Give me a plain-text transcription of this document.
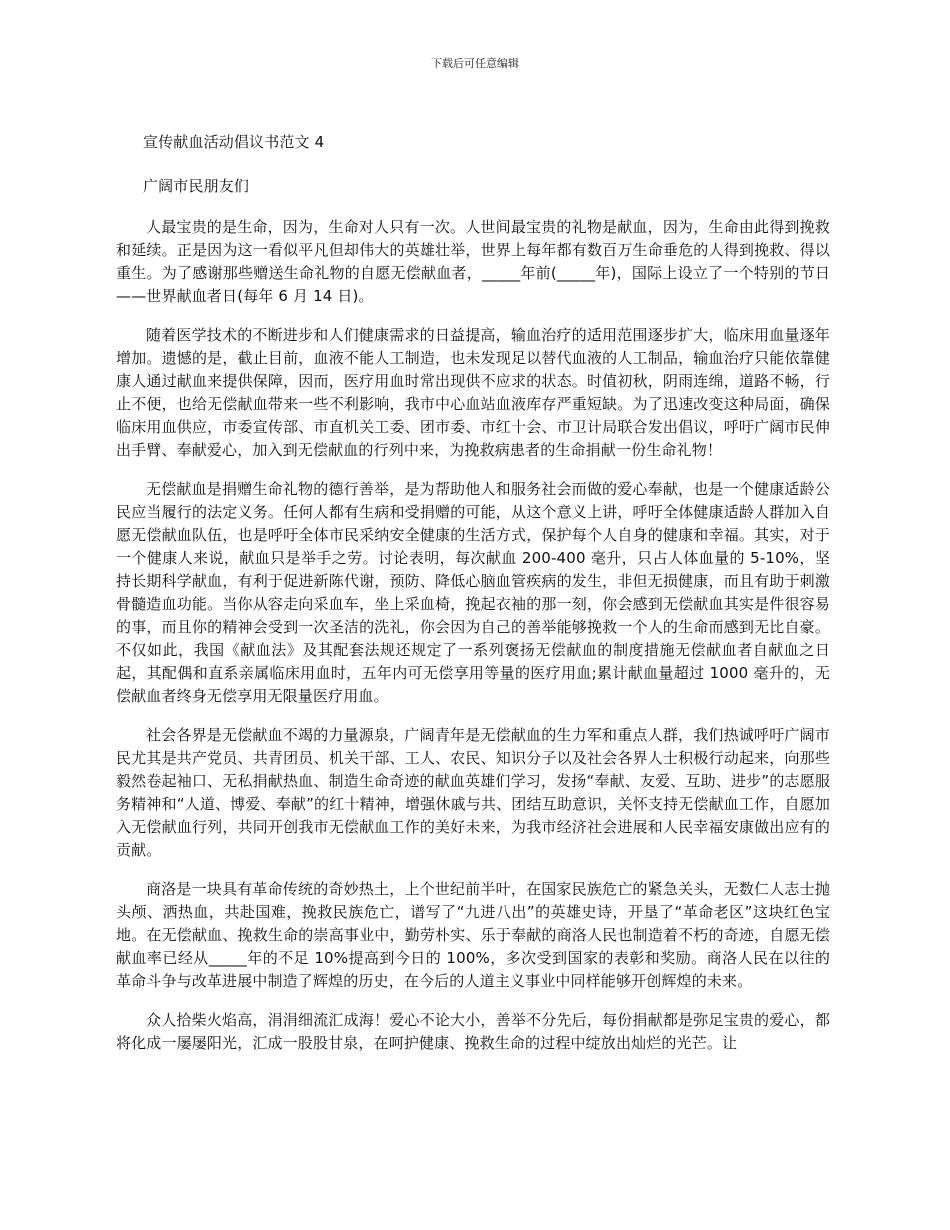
下载后可任意编辑
宣传献血活动倡议书范文 4
广阔市民朋友们

人最宝贵的是生命，因为，生命对人只有一次。人世间最宝贵的礼物是献血，因为，生命由此得到挽救和延续。正是因为这一看似平凡但却伟大的英雄壮举，世界上每年都有数百万生命垂危的人得到挽救、得以重生。为了感谢那些赠送生命礼物的自愿无偿献血者，_____年前(_____年)，国际上设立了一个特别的节日——世界献血者日(每年 6 月 14 日)。

随着医学技术的不断进步和人们健康需求的日益提高，输血治疗的适用范围逐步扩大，临床用血量逐年增加。遗憾的是，截止目前，血液不能人工制造，也未发现足以替代血液的人工制品，输血治疗只能依靠健康人通过献血来提供保障，因而，医疗用血时常出现供不应求的状态。时值初秋，阴雨连绵，道路不畅，行止不便，也给无偿献血带来一些不利影响，我市中心血站血液库存严重短缺。为了迅速改变这种局面，确保临床用血供应，市委宣传部、市直机关工委、团市委、市红十会、市卫计局联合发出倡议，呼吁广阔市民伸出手臂、奉献爱心，加入到无偿献血的行列中来，为挽救病患者的生命捐献一份生命礼物！

无偿献血是捐赠生命礼物的德行善举，是为帮助他人和服务社会而做的爱心奉献，也是一个健康适龄公民应当履行的法定义务。任何人都有生病和受捐赠的可能，从这个意义上讲，呼吁全体健康适龄人群加入自愿无偿献血队伍，也是呼吁全体市民采纳安全健康的生活方式，保护每个人自身的健康和幸福。其实，对于一个健康人来说，献血只是举手之劳。讨论表明，每次献血 200-400 毫升，只占人体血量的 5-10%，坚持长期科学献血，有利于促进新陈代谢，预防、降低心脑血管疾病的发生，非但无损健康，而且有助于刺激骨髓造血功能。当你从容走向采血车，坐上采血椅，挽起衣袖的那一刻，你会感到无偿献血其实是件很容易的事，而且你的精神会受到一次圣洁的洗礼，你会因为自己的善举能够挽救一个人的生命而感到无比自豪。不仅如此，我国《献血法》及其配套法规还规定了一系列褒扬无偿献血的制度措施无偿献血者自献血之日起，其配偶和直系亲属临床用血时，五年内可无偿享用等量的医疗用血;累计献血量超过 1000 毫升的，无偿献血者终身无偿享用无限量医疗用血。

社会各界是无偿献血不竭的力量源泉，广阔青年是无偿献血的生力军和重点人群，我们热诚呼吁广阔市民尤其是共产党员、共青团员、机关干部、工人、农民、知识分子以及社会各界人士积极行动起来，向那些毅然卷起袖口、无私捐献热血、制造生命奇迹的献血英雄们学习，发扬“奉献、友爱、互助、进步”的志愿服务精神和“人道、博爱、奉献”的红十精神，增强休戚与共、团结互助意识，关怀支持无偿献血工作，自愿加入无偿献血行列，共同开创我市无偿献血工作的美好未来，为我市经济社会进展和人民幸福安康做出应有的贡献。

商洛是一块具有革命传统的奇妙热土，上个世纪前半叶，在国家民族危亡的紧急关头，无数仁人志士抛头颅、洒热血，共赴国难，挽救民族危亡，谱写了“九进八出”的英雄史诗，开垦了“革命老区”这块红色宝地。在无偿献血、挽救生命的崇高事业中，勤劳朴实、乐于奉献的商洛人民也制造着不朽的奇迹，自愿无偿献血率已经从_____年的不足 10%提高到今日的 100%，多次受到国家的表彰和奖励。商洛人民在以往的革命斗争与改革进展中制造了辉煌的历史，在今后的人道主义事业中同样能够开创辉煌的未来。

众人拾柴火焰高，涓涓细流汇成海！爱心不论大小，善举不分先后，每份捐献都是弥足宝贵的爱心，都将化成一屡屡阳光，汇成一股股甘泉，在呵护健康、挽救生命的过程中绽放出灿烂的光芒。让
